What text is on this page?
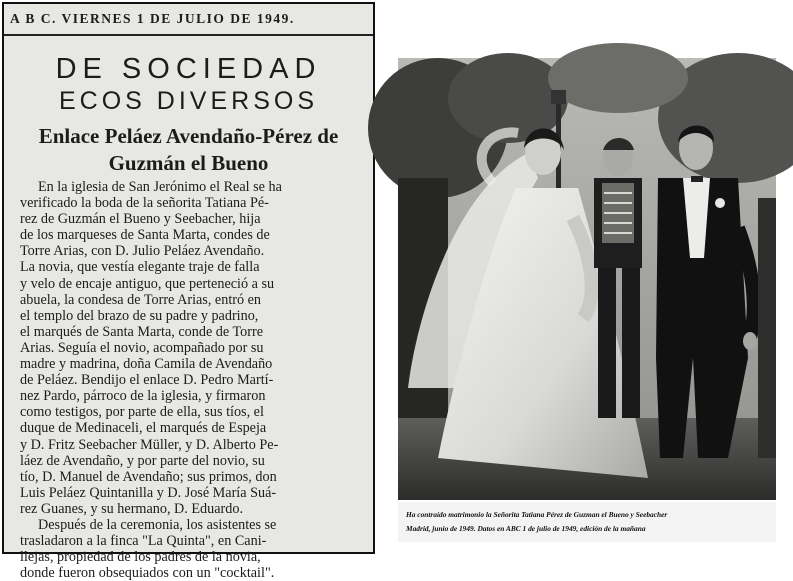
A B C. VIERNES 1 DE JULIO DE 1949.
DE SOCIEDAD
ECOS DIVERSOS
Enlace Peláez Avendaño-Pérez de
Guzmán el Bueno
En la iglesia de San Jerónimo el Real se ha
verificado la boda de la señorita Tatiana Pé-
rez de Guzmán el Bueno y Seebacher, hija
de los marqueses de Santa Marta, condes de
Torre Arias, con D. Julio Peláez Avendaño.
La novia, que vestía elegante traje de falla
y velo de encaje antiguo, que perteneció a su
abuela, la condesa de Torre Arias, entró en
el templo del brazo de su padre y padrino,
el marqués de Santa Marta, conde de Torre
Arias. Seguía el novio, acompañado por su
madre y madrina, doña Camila de Avendaño
de Peláez. Bendijo el enlace D. Pedro Martí-
nez Pardo, párroco de la iglesia, y firmaron
como testigos, por parte de ella, sus tíos, el
duque de Medinaceli, el marqués de Espeja
y D. Fritz Seebacher Müller, y D. Alberto Pe-
láez de Avendaño, y por parte del novio, su
tío, D. Manuel de Avendaño; sus primos, don
Luis Peláez Quintanilla y D. José María Suá-
rez Guanes, y su hermano, D. Eduardo.
Después de la ceremonia, los asistentes se
trasladaron a la finca "La Quinta", en Cani-
llejas, propiedad de los padres de la novia,
donde fueron obsequiados con un "cocktail".
Ha contraído matrimonio la Señorita Tatiana Pérez de Guzman el Bueno y Seebacher
Madrid, junio de 1949. Datos en ABC 1 de julio de 1949, edición de la mañana
